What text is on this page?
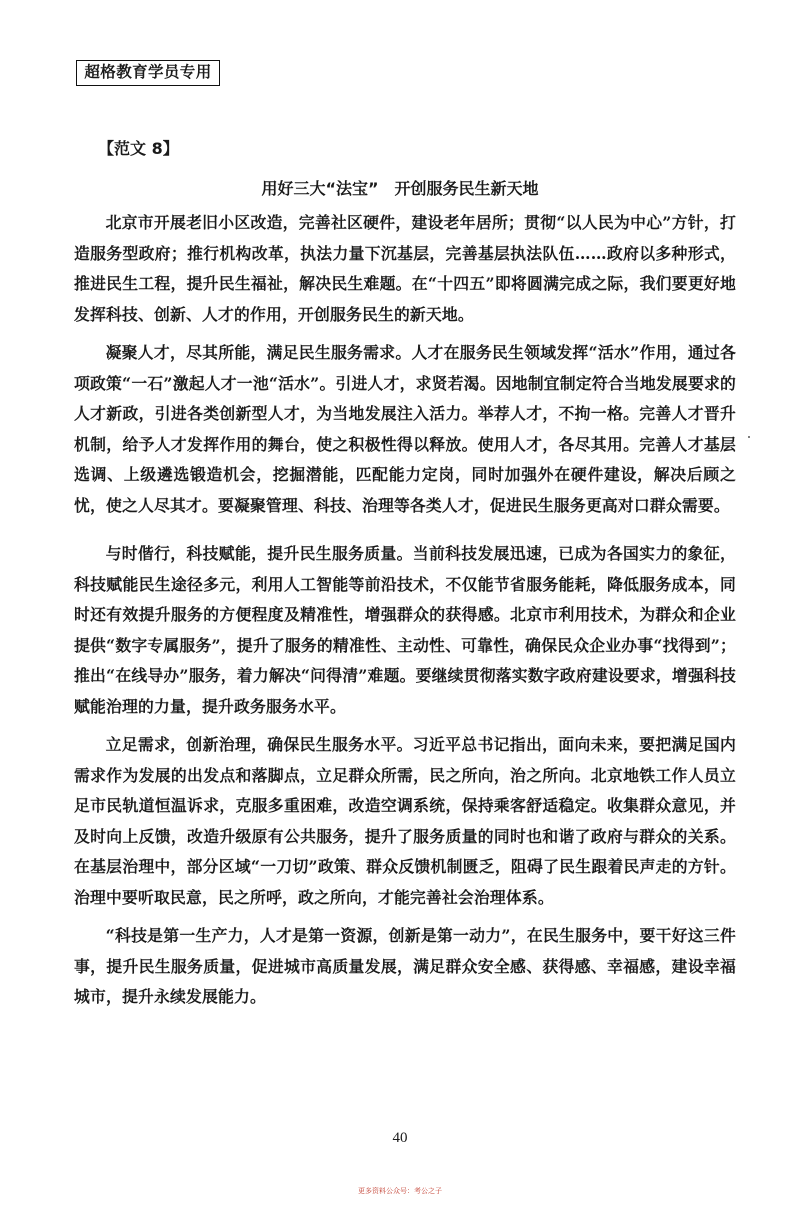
超格教育学员专用
【范文 8】
用好三大“法宝”　开创服务民生新天地

北京市开展老旧小区改造，完善社区硬件，建设老年居所；贯彻“以人民为中心”方针，打造服务型政府；推行机构改革，执法力量下沉基层，完善基层执法队伍……政府以多种形式，推进民生工程，提升民生福祉，解决民生难题。在“十四五”即将圆满完成之际，我们要更好地发挥科技、创新、人才的作用，开创服务民生的新天地。

凝聚人才，尽其所能，满足民生服务需求。人才在服务民生领域发挥“活水”作用，通过各项政策“一石”激起人才一池“活水”。引进人才，求贤若渴。因地制宜制定符合当地发展要求的人才新政，引进各类创新型人才，为当地发展注入活力。举荐人才，不拘一格。完善人才晋升机制，给予人才发挥作用的舞台，使之积极性得以释放。使用人才，各尽其用。完善人才基层选调、上级遴选锻造机会，挖掘潜能，匹配能力定岗，同时加强外在硬件建设，解决后顾之忧，使之人尽其才。要凝聚管理、科技、治理等各类人才，促进民生服务更高对口群众需要。

与时偕行，科技赋能，提升民生服务质量。当前科技发展迅速，已成为各国实力的象征，科技赋能民生途径多元，利用人工智能等前沿技术，不仅能节省服务能耗，降低服务成本，同时还有效提升服务的方便程度及精准性，增强群众的获得感。北京市利用技术，为群众和企业提供“数字专属服务”，提升了服务的精准性、主动性、可靠性，确保民众企业办事“找得到”；推出“在线导办”服务，着力解决“问得清”难题。要继续贯彻落实数字政府建设要求，增强科技赋能治理的力量，提升政务服务水平。

立足需求，创新治理，确保民生服务水平。习近平总书记指出，面向未来，要把满足国内需求作为发展的出发点和落脚点，立足群众所需，民之所向，治之所向。北京地铁工作人员立足市民轨道恒温诉求，克服多重困难，改造空调系统，保持乘客舒适稳定。收集群众意见，并及时向上反馈，改造升级原有公共服务，提升了服务质量的同时也和谐了政府与群众的关系。在基层治理中，部分区域“一刀切”政策、群众反馈机制匮乏，阻碍了民生跟着民声走的方针。治理中要听取民意，民之所呼，政之所向，才能完善社会治理体系。

“科技是第一生产力，人才是第一资源，创新是第一动力”，在民生服务中，要干好这三件事，提升民生服务质量，促进城市高质量发展，满足群众安全感、获得感、幸福感，建设幸福城市，提升永续发展能力。

40
更多资料公众号：考公之子
